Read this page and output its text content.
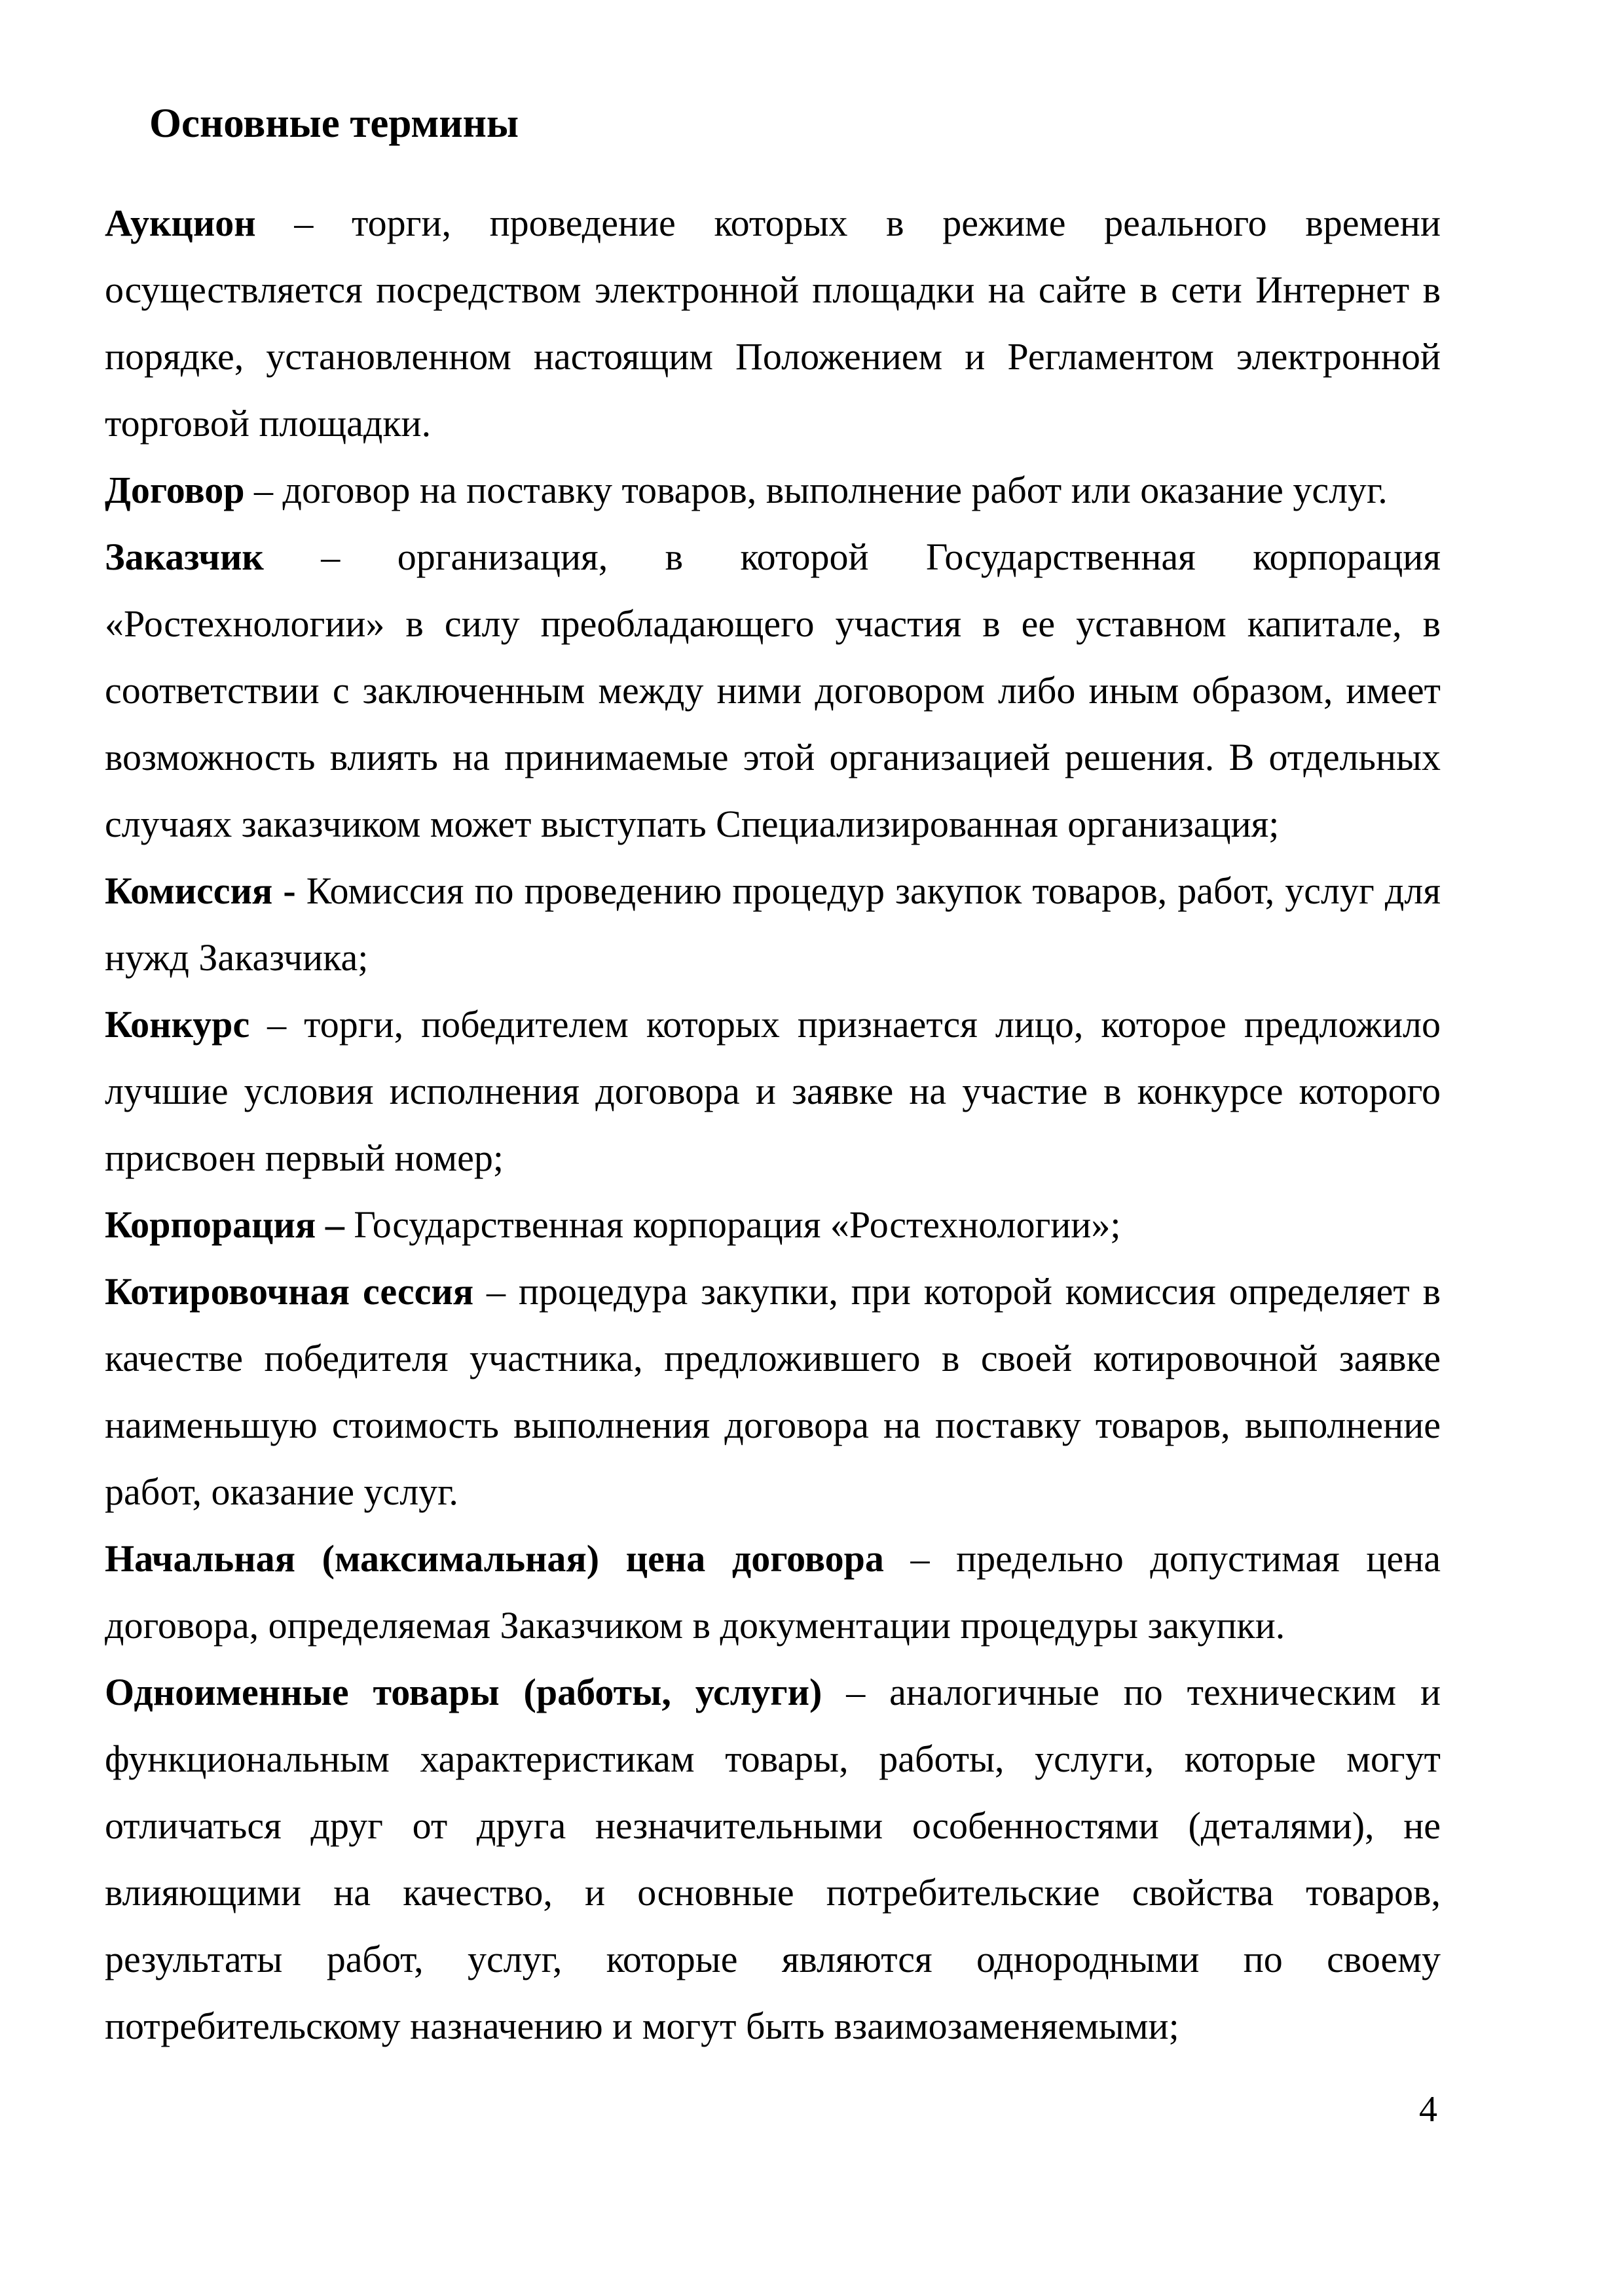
Основные термины

Аукцион – торги, проведение которых в режиме реального времени осуществляется посредством электронной площадки на сайте в сети Интернет в порядке, установленном настоящим Положением и Регламентом электронной торговой площадки.

Договор – договор на поставку товаров, выполнение работ или оказание услуг.

Заказчик – организация, в которой Государственная корпорация «Ростехнологии» в силу преобладающего участия в ее уставном капитале, в соответствии с заключенным между ними договором либо иным образом, имеет возможность влиять на принимаемые этой организацией решения. В отдельных случаях заказчиком может выступать Специализированная организация;

Комиссия - Комиссия по проведению процедур закупок товаров, работ, услуг для нужд Заказчика;

Конкурс – торги, победителем которых признается лицо, которое предложило лучшие условия исполнения договора и заявке на участие в конкурсе которого присвоен первый номер;

Корпорация – Государственная корпорация «Ростехнологии»;

Котировочная сессия – процедура закупки, при которой комиссия определяет в качестве победителя участника, предложившего в своей котировочной заявке наименьшую стоимость выполнения договора на поставку товаров, выполнение работ, оказание услуг.

Начальная (максимальная) цена договора – предельно допустимая цена договора, определяемая Заказчиком в документации процедуры закупки.

Одноименные товары (работы, услуги) – аналогичные по техническим и функциональным характеристикам товары, работы, услуги, которые могут отличаться друг от друга незначительными особенностями (деталями), не влияющими на качество, и основные потребительские свойства товаров, результаты работ, услуг, которые являются однородными по своему потребительскому назначению и могут быть взаимозаменяемыми;

4
